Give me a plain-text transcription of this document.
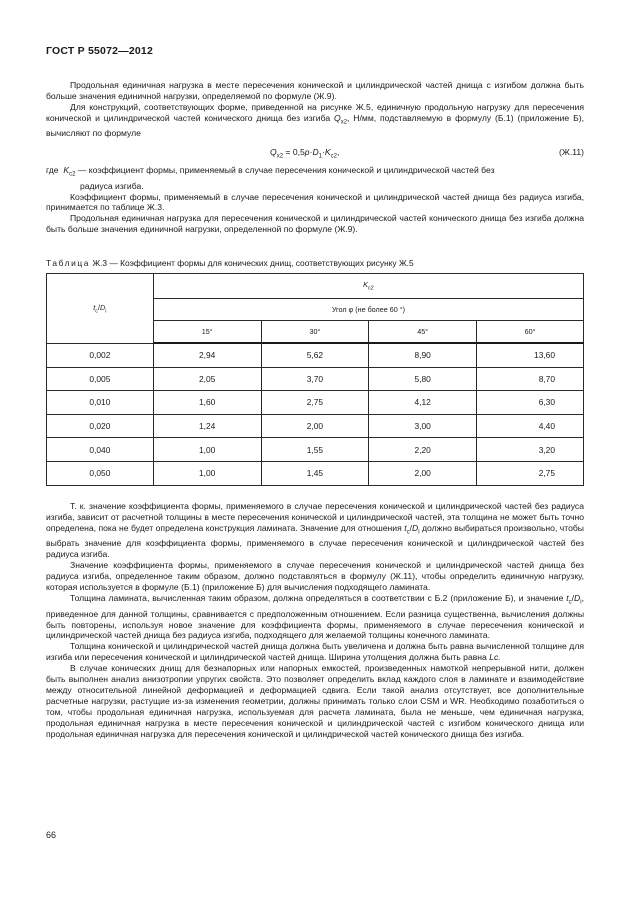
ГОСТ Р 55072—2012

Продольная единичная нагрузка в месте пересечения конической и цилиндрической частей днища с изгибом должна быть больше значения единичной нагрузки, определяемой по формуле (Ж.9).

Для конструкций, соответствующих форме, приведенной на рисунке Ж.5, единичную продольную нагрузку для пересечения конической и цилиндрической частей конического днища без изгиба $Q_{x2}$, Н/мм, подставляемую в формулу (Б.1) (приложение Б), вычисляют по формуле

$Q_{x2} = 0,5p\cdot D_1\cdot K_{c2}$,	(Ж.11)
где $K_{c2}$ — коэффициент формы, применяемый в случае пересечения конической и цилиндрической частей без
радиуса изгиба.

Коэффициент формы, применяемый в случае пересечения конической и цилиндрической частей днища без радиуса изгиба, принимается по таблице Ж.3.

Продольная единичная нагрузка для пересечения конической и цилиндрической частей конического днища без изгиба должна быть больше значения единичной нагрузки, определенной по формуле (Ж.9).

Таблица Ж.3 — Коэффициент формы для конических днищ, соответствующих рисунку Ж.5
$t_c/D_i$	$K_{c2}$
	Угол φ (не более 60 °)			
	15°	30°	45°	60°
0,002	2,94	5,62	8,90	13,60
0,005	2,05	3,70	5,80	8,70
0,010	1,60	2,75	4,12	6,30
0,020	1,24	2,00	3,00	4,40
0,040	1,00	1,55	2,20	3,20
0,050	1,00	1,45	2,00	2,75

Т. к. значение коэффициента формы, применяемого в случае пересечения конической и цилиндрической частей без радиуса изгиба, зависит от расчетной толщины в месте пересечения конической и цилиндрической частей, эта толщина не может быть точно определена, пока не будет определена конструкция ламината. Значение для отношения $t_c/D_i$ должно выбираться произвольно, чтобы выбрать значение для коэффициента формы, применяемого в случае пересечения конической и цилиндрической частей без радиуса изгиба.

Значение коэффициента формы, применяемого в случае пересечения конической и цилиндрической частей днища без радиуса изгиба, определенное таким образом, должно подставляться в формулу (Ж.11), чтобы определить единичную нагрузку, которая используется в формуле (Б.1) (приложение Б) для вычисления подходящего ламината.

Толщина ламината, вычисленная таким образом, должна определяться в соответствии с Б.2 (приложение Б), и значение $t_c/D_i$, приведенное для данной толщины, сравнивается с предположенным отношением. Если разница существенна, вычисления должны быть повторены, используя новое значение для коэффициента формы, применяемого в случае пересечения конической и цилиндрической частей днища без радиуса изгиба, подходящего для желаемой толщины конечного ламината.

Толщина конической и цилиндрической частей днища должна быть увеличена и должна быть равна вычисленной толщине для изгиба или пересечения конической и цилиндрической частей днища. Ширина утолщения должна быть равна Lc.

В случае конических днищ для безнапорных или напорных емкостей, произведенных намоткой непрерывной нити, должен быть выполнен анализ анизотропии упругих свойств. Это позволяет определить вклад каждого слоя в ламинате и взаимодействие между относительной линейной деформацией и деформацией сдвига. Если такой анализ отсутствует, все дополнительные расчетные нагрузки, растущие из-за изменения геометрии, должны принимать только слои CSM и WR. Необходимо позаботиться о том, чтобы продольная единичная нагрузка, используемая для расчета ламината, была не меньше, чем единичная нагрузка, продольная единичная нагрузка в месте пересечения конической и цилиндрической частей с изгибом конического днища или продольная единичная нагрузка для пересечения конической и цилиндрической частей конического днища без изгиба.

66
